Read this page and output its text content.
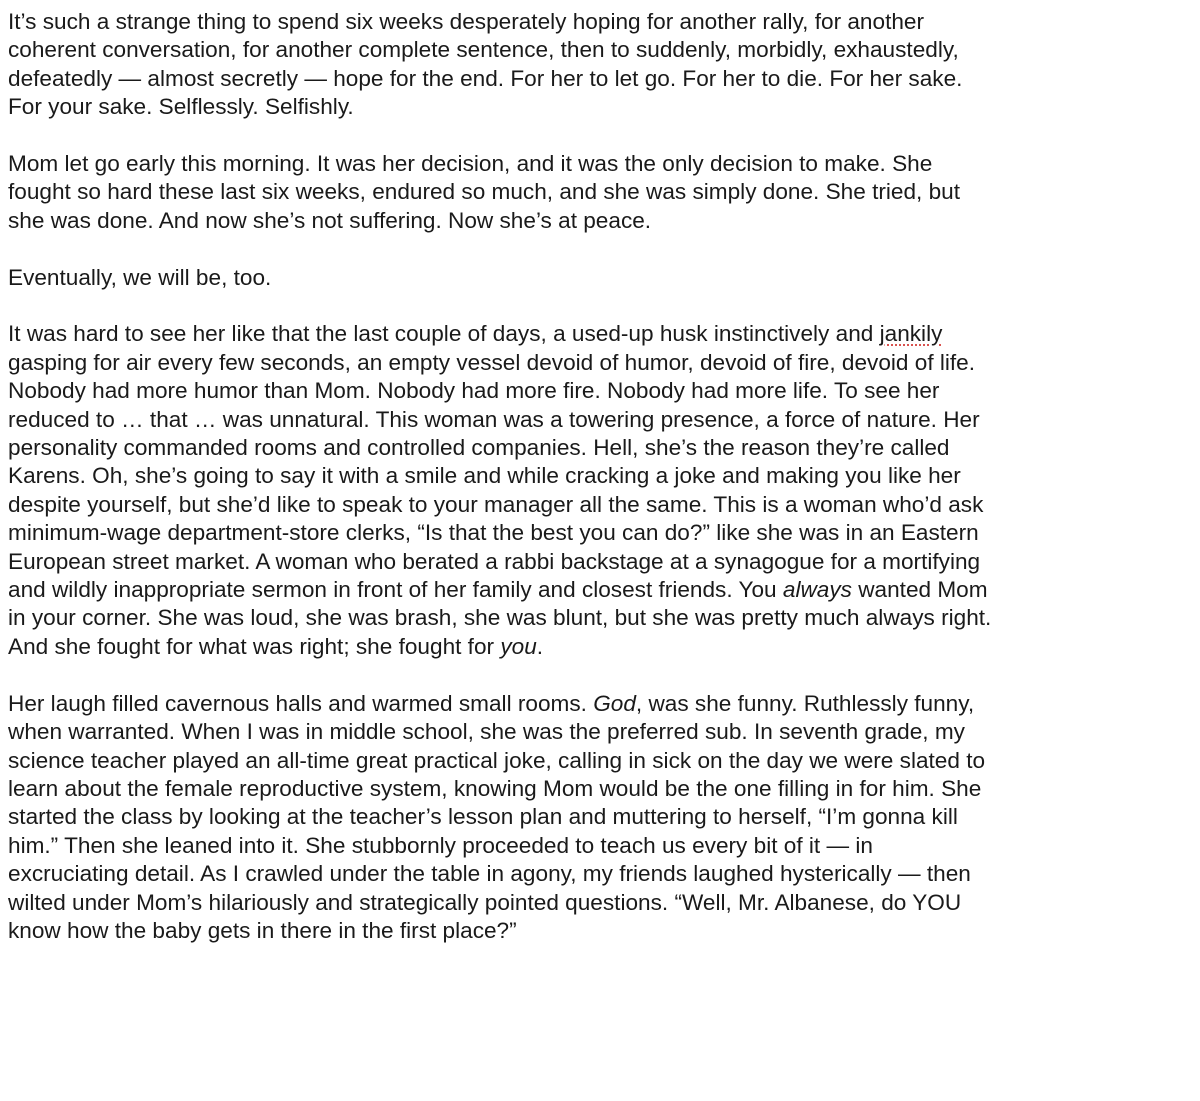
It’s such a strange thing to spend six weeks desperately hoping for another rally, for another
coherent conversation, for another complete sentence, then to suddenly, morbidly, exhaustedly,
defeatedly — almost secretly — hope for the end. For her to let go. For her to die. For her sake.
For your sake. Selflessly. Selfishly.

Mom let go early this morning. It was her decision, and it was the only decision to make. She
fought so hard these last six weeks, endured so much, and she was simply done. She tried, but
she was done. And now she’s not suffering. Now she’s at peace.

Eventually, we will be, too.

It was hard to see her like that the last couple of days, a used-up husk instinctively and jankily
gasping for air every few seconds, an empty vessel devoid of humor, devoid of fire, devoid of life.
Nobody had more humor than Mom. Nobody had more fire. Nobody had more life. To see her
reduced to … that … was unnatural. This woman was a towering presence, a force of nature. Her
personality commanded rooms and controlled companies. Hell, she’s the reason they’re called
Karens. Oh, she’s going to say it with a smile and while cracking a joke and making you like her
despite yourself, but she’d like to speak to your manager all the same. This is a woman who’d ask
minimum-wage department-store clerks, “Is that the best you can do?” like she was in an Eastern
European street market. A woman who berated a rabbi backstage at a synagogue for a mortifying
and wildly inappropriate sermon in front of her family and closest friends. You always wanted Mom
in your corner. She was loud, she was brash, she was blunt, but she was pretty much always right.
And she fought for what was right; she fought for you.

Her laugh filled cavernous halls and warmed small rooms. God, was she funny. Ruthlessly funny,
when warranted. When I was in middle school, she was the preferred sub. In seventh grade, my
science teacher played an all-time great practical joke, calling in sick on the day we were slated to
learn about the female reproductive system, knowing Mom would be the one filling in for him. She
started the class by looking at the teacher’s lesson plan and muttering to herself, “I’m gonna kill
him.” Then she leaned into it. She stubbornly proceeded to teach us every bit of it — in
excruciating detail. As I crawled under the table in agony, my friends laughed hysterically — then
wilted under Mom’s hilariously and strategically pointed questions. “Well, Mr. Albanese, do YOU
know how the baby gets in there in the first place?”
